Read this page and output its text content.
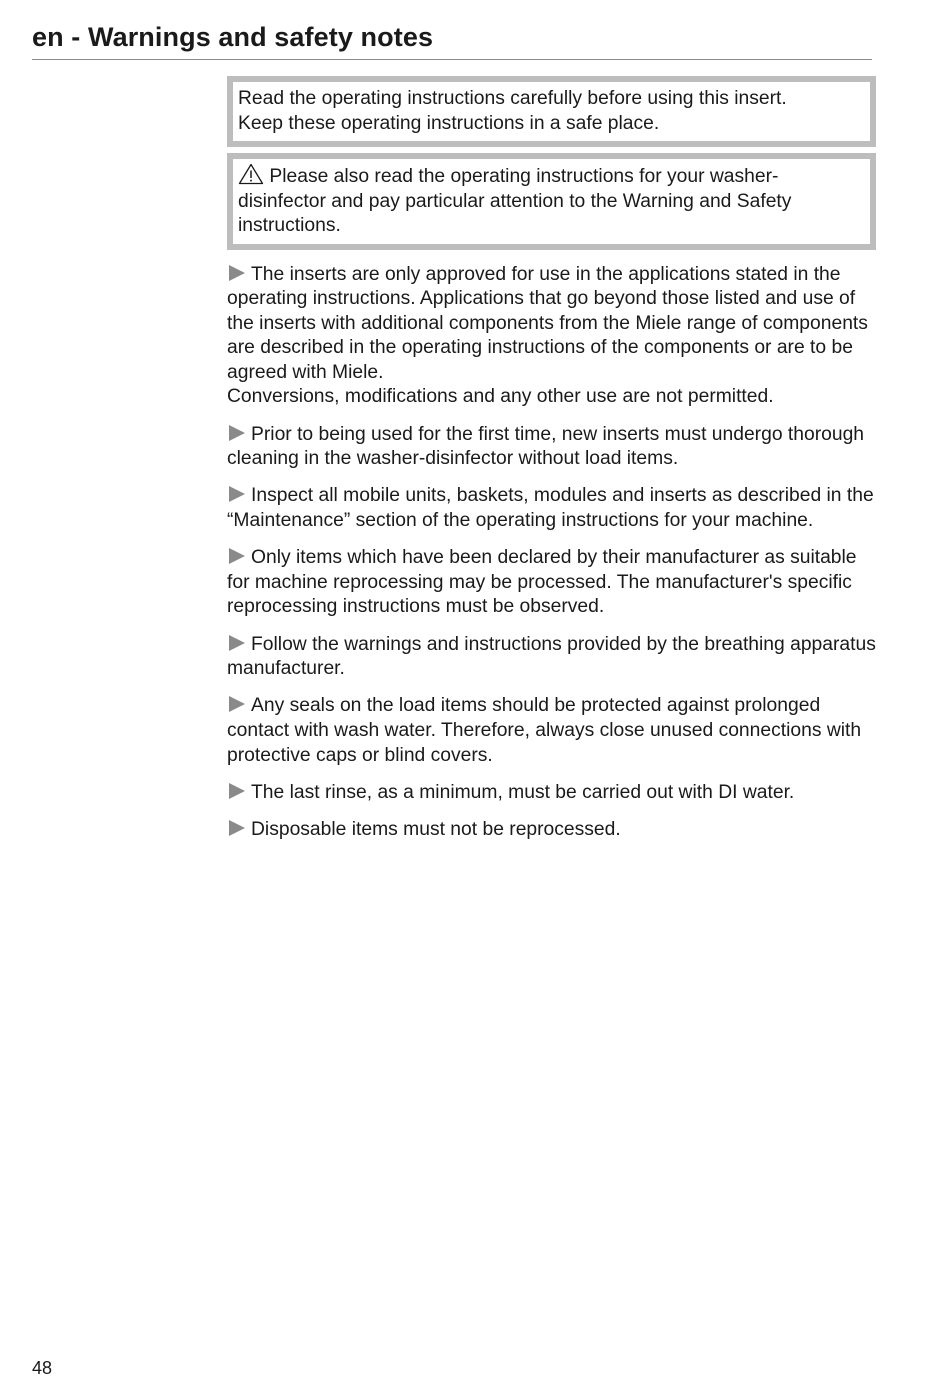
en - Warnings and safety notes
Read the operating instructions carefully before using this insert.
Keep these operating instructions in a safe place.
Please also read the operating instructions for your washer-disinfector and pay particular attention to the Warning and Safety instructions.

The inserts are only approved for use in the applications stated in the operating instructions. Applications that go beyond those listed and use of the inserts with additional components from the Miele range of components are described in the operating instructions of the components or are to be agreed with Miele.

Conversions, modifications and any other use are not permitted.

Prior to being used for the first time, new inserts must undergo thorough cleaning in the washer-disinfector without load items.

Inspect all mobile units, baskets, modules and inserts as described in the “Maintenance” section of the operating instructions for your machine.

Only items which have been declared by their manufacturer as suitable for machine reprocessing may be processed. The manufacturer's specific reprocessing instructions must be observed.

Follow the warnings and instructions provided by the breathing apparatus manufacturer.

Any seals on the load items should be protected against prolonged contact with wash water. Therefore, always close unused connections with protective caps or blind covers.

The last rinse, as a minimum, must be carried out with DI water.

Disposable items must not be reprocessed.

48
